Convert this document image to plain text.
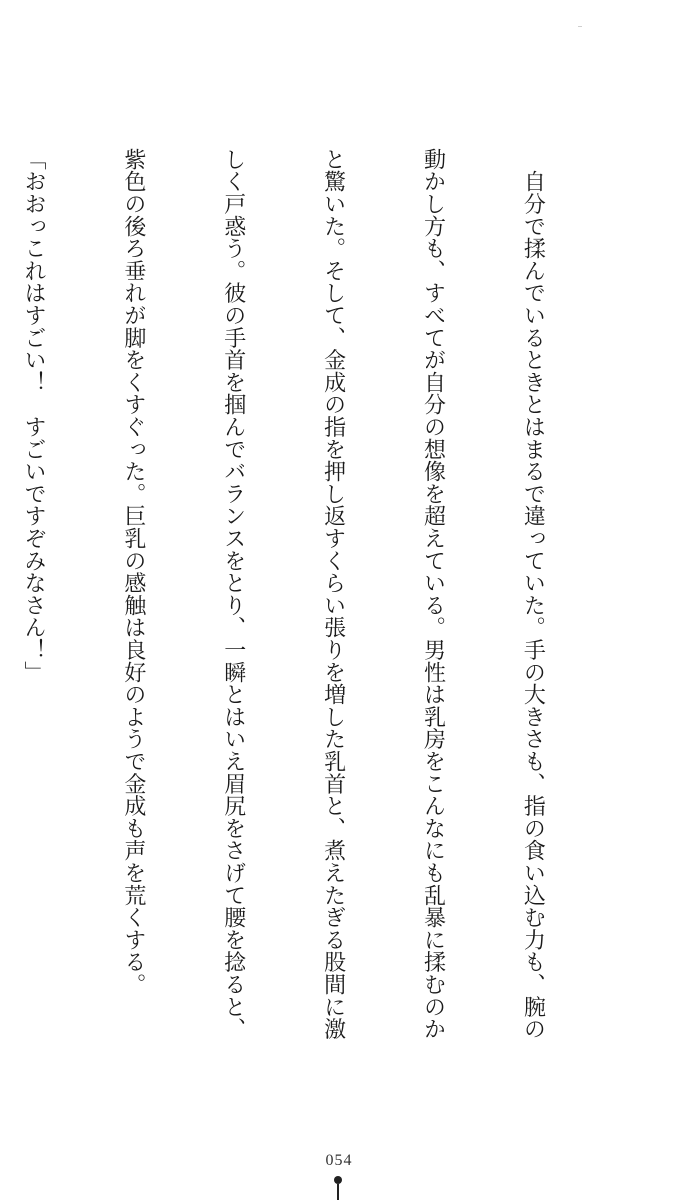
　自分で揉んでいるときとはまるで違っていた。手の大きさも、指の食い込む力も、腕の

動かし方も、すべてが自分の想像を超えている。男性は乳房をこんなにも乱暴に揉むのか

と驚いた。そして、金成の指を押し返すくらい張りを増した乳首と、煮えたぎる股間に激

しく戸惑う。彼の手首を掴んでバランスをとり、一瞬とはいえ眉尻をさげて腰を捻ると、

紫色の後ろ垂れが脚をくすぐった。巨乳の感触は良好のようで金成も声を荒くする。

「おおっこれはすごい！　すごいですぞみなさん！」

054
